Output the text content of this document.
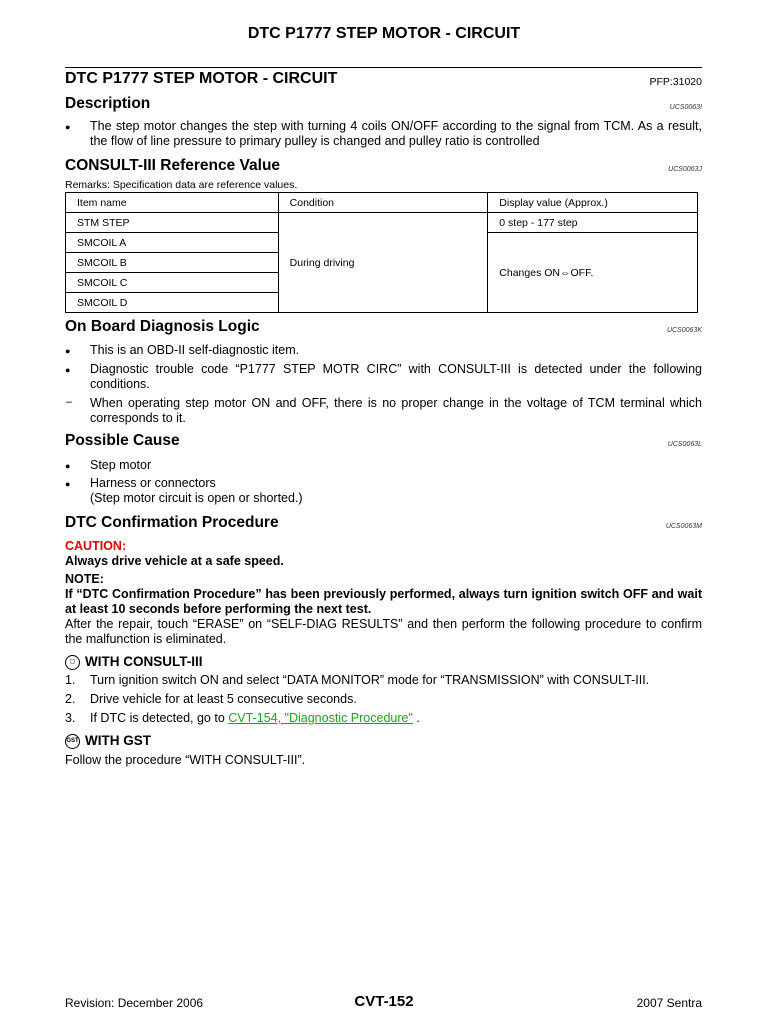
DTC P1777 STEP MOTOR - CIRCUIT
DTC P1777 STEP MOTOR - CIRCUIT	PFP:31020
Description	UCS0063I
● The step motor changes the step with turning 4 coils ON/OFF according to the signal from TCM. As a result, the flow of line pressure to primary pulley is changed and pulley ratio is controlled
CONSULT-III Reference Value	UCS0063J
Remarks: Specification data are reference values.
Item name	Condition	Display value (Approx.)
STM STEP	During driving	0 step - 177 step
SMCOIL A		Changes ON⇔OFF.
SMCOIL B		
SMCOIL C		
SMCOIL D		
On Board Diagnosis Logic	UCS0063K
● This is an OBD-II self-diagnostic item.
● Diagnostic trouble code “P1777 STEP MOTR CIRC” with CONSULT-III is detected under the following conditions.
– When operating step motor ON and OFF, there is no proper change in the voltage of TCM terminal which corresponds to it.
Possible Cause	UCS0063L
● Step motor
● Harness or connectors
(Step motor circuit is open or shorted.)
DTC Confirmation Procedure	UCS0063M
CAUTION:
Always drive vehicle at a safe speed.
NOTE:
If “DTC Confirmation Procedure” has been previously performed, always turn ignition switch OFF and wait at least 10 seconds before performing the next test.
After the repair, touch “ERASE” on “SELF-DIAG RESULTS” and then perform the following procedure to confirm the malfunction is eliminated.
▢ WITH CONSULT-III
1. Turn ignition switch ON and select “DATA MONITOR” mode for “TRANSMISSION” with CONSULT-III.
2. Drive vehicle for at least 5 consecutive seconds.
3. If DTC is detected, go to CVT-154, "Diagnostic Procedure" .
GST WITH GST
Follow the procedure “WITH CONSULT-III”.
Revision: December 2006	CVT-152	2007 Sentra
